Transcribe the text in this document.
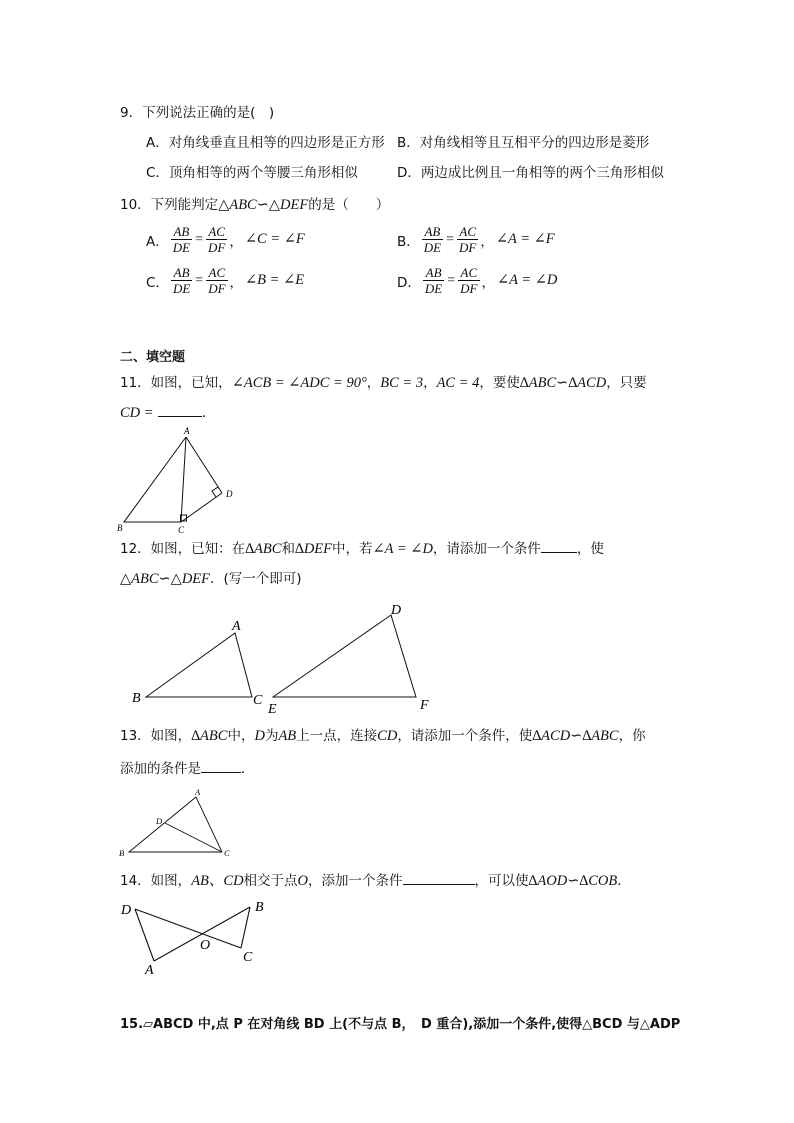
9．下列说法正确的是(　)
A．对角线垂直且相等的四边形是正方形 B．对角线相等且互相平分的四边形是菱形
C．顶角相等的两个等腰三角形相似	D．两边成比例且一角相等的两个三角形相似
10．下列能判定△ABC∽△DEF的是（　　）
A． $\frac{AB}{DE} = \frac{AC}{DF}$ ， ∠C = ∠F	B． $\frac{AB}{DE} = \frac{AC}{DF}$ ， ∠A = ∠F
C． $\frac{AB}{DE} = \frac{AC}{DF}$ ， ∠B = ∠E	D． $\frac{AB}{DE} = \frac{AC}{DF}$ ， ∠A = ∠D
二、填空题
11．如图，已知，∠ACB = ∠ADC = 90°，BC = 3，AC = 4，要使∆ABC∽∆ACD，只要
CD =	．
A
B	C
D
12．如图，已知：在∆ABC和∆DEF中，若∠A = ∠D，请添加一个条件	，使
△ABC∽△DEF．(写一个即可)
A
B	C
D
E	F
13．如图，∆ABC中，D为AB上一点，连接CD，请添加一个条件，使∆ACD∽∆ABC，你
添加的条件是	．
A
B	C
D
14．如图，AB、CD相交于点O，添加一个条件	，可以使∆AOD∽∆COB．
D
A
B
C
O
15.▱ABCD 中,点 P 在对角线 BD 上(不与点 B，　D 重合),添加一个条件,使得△BCD 与△ADP
